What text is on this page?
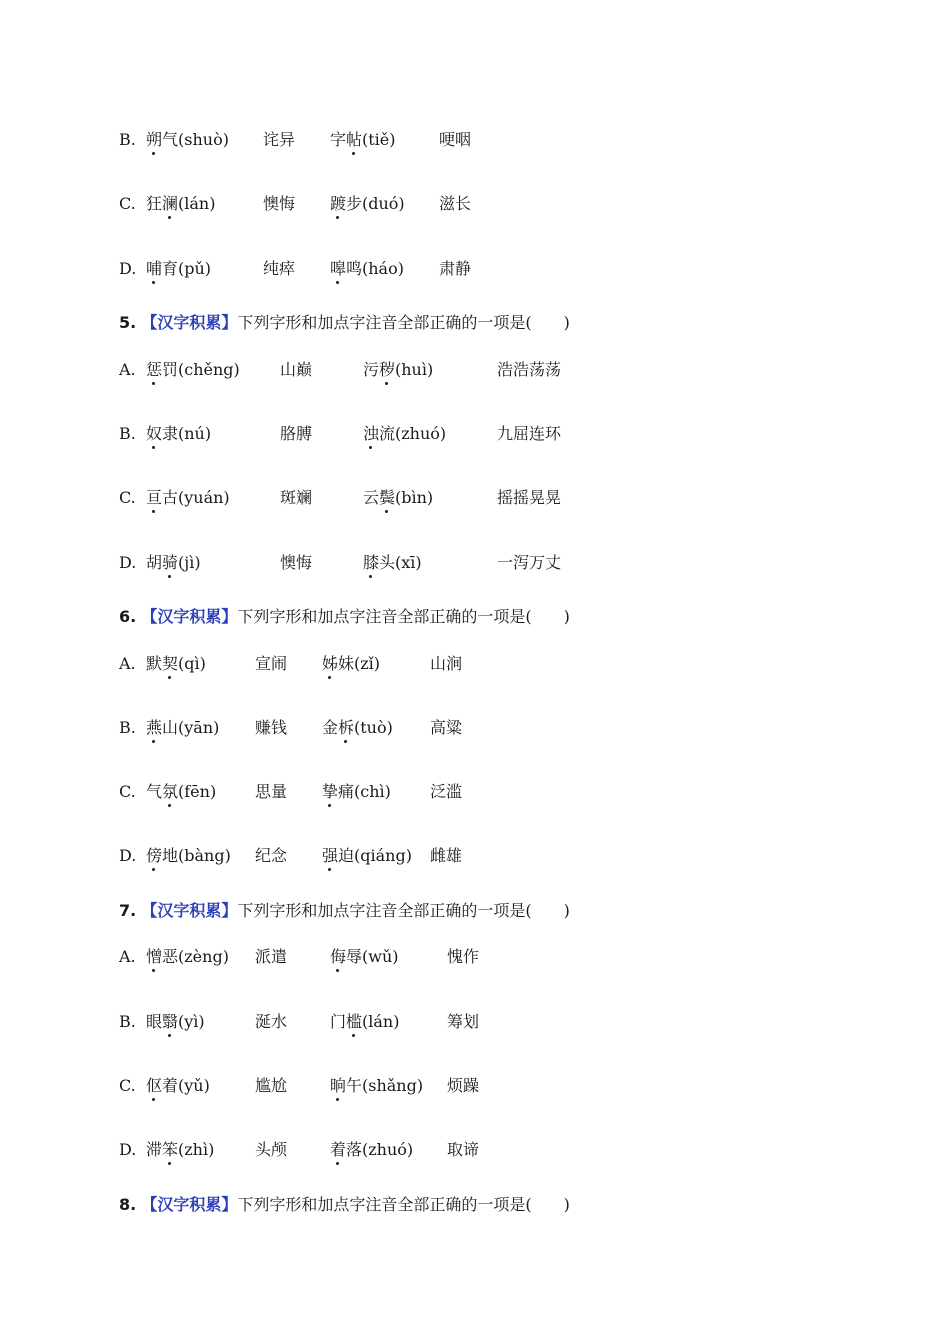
B. 朔气(shuò) 诧异 字帖(tiě)	哽咽
C. 狂澜(lán)	懊悔 踱步(duó) 滋长
D. 哺育(pǔ)	纯瘁 嗥鸣(háo) 肃静
5. 【汉字积累】下列字形和加点字注音全部正确的一项是(　　)
A. 惩罚(chěng)	山巅	污秽(huì)	浩浩荡荡
B. 奴隶(nú)	胳膊	浊流(zhuó)	九屈连环
C. 亘古(yuán)	斑斓	云鬓(bìn)	摇摇晃晃
D. 胡骑(jì)	懊悔	膝头(xī)	一泻万丈
6. 【汉字积累】下列字形和加点字注音全部正确的一项是(　　)
A. 默契(qì)	宣闹 姊妹(zǐ)	山涧
B. 燕山(yān) 赚钱 金柝(tuò) 高粱
C. 气氛(fēn) 思量 挚痛(chì) 泛滥
D. 傍地(bàng) 纪念 强迫(qiáng) 雌雄
7. 【汉字积累】下列字形和加点字注音全部正确的一项是(　　)
A. 憎恶(zèng) 派遣	侮辱(wǔ)	愧作
B. 眼翳(yì)	涎水	门槛(lán)	筹划
C. 伛着(yǔ)	尴尬	晌午(shǎng) 烦躁
D. 滞笨(zhì)	头颅	着落(zhuó) 取谛
8. 【汉字积累】下列字形和加点字注音全部正确的一项是(　　)
